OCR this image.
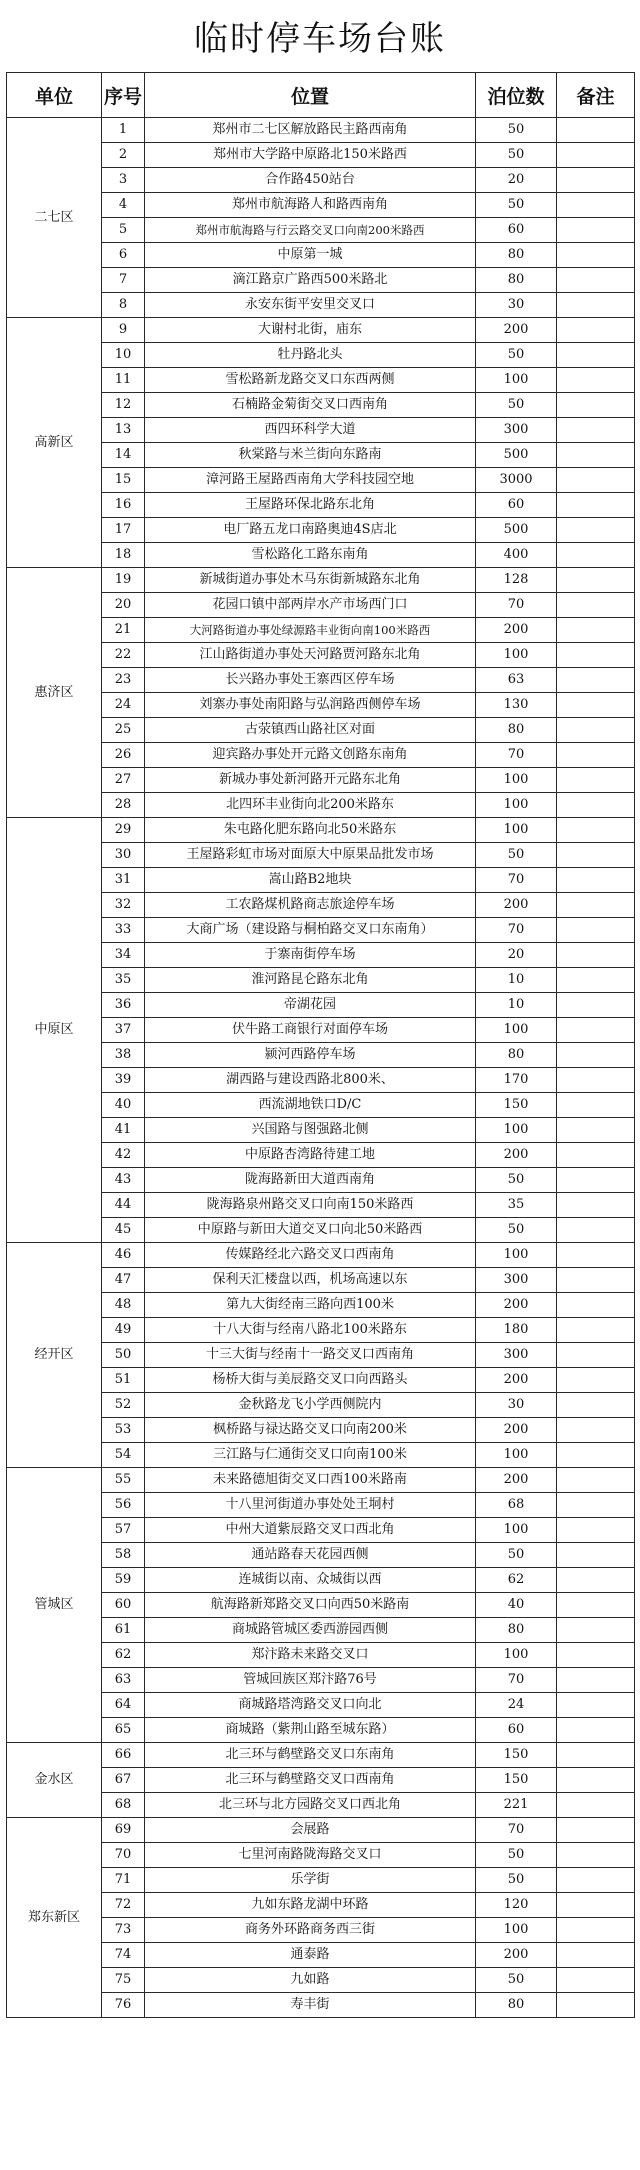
临时停车场台账
单位	序号	位置	泊位数	备注
二七区	1	郑州市二七区解放路民主路西南角	50	
	2	郑州市大学路中原路北150米路西	50	
	3	合作路450站台	20	
	4	郑州市航海路人和路西南角	50	
	5	郑州市航海路与行云路交叉口向南200米路西	60	
	6	中原第一城	80	
	7	滴江路京广路西500米路北	80	
	8	永安东街平安里交叉口	30	
高新区	9	大谢村北街，庙东	200	
	10	牡丹路北头	50	
	11	雪松路新龙路交叉口东西两侧	100	
	12	石楠路金菊街交叉口西南角	50	
	13	西四环科学大道	300	
	14	秋棠路与米兰街向东路南	500	
	15	漳河路王屋路西南角大学科技园空地	3000	
	16	王屋路环保北路东北角	60	
	17	电厂路五龙口南路奥迪4S店北	500	
	18	雪松路化工路东南角	400	
惠济区	19	新城街道办事处木马东街新城路东北角	128	
	20	花园口镇中部两岸水产市场西门口	70	
	21	大河路街道办事处绿源路丰业街向南100米路西	200	
	22	江山路街道办事处天河路贾河路东北角	100	
	23	长兴路办事处王寨西区停车场	63	
	24	刘寨办事处南阳路与弘润路西侧停车场	130	
	25	古荥镇西山路社区对面	80	
	26	迎宾路办事处开元路文创路东南角	70	
	27	新城办事处新河路开元路东北角	100	
	28	北四环丰业街向北200米路东	100	
中原区	29	朱屯路化肥东路向北50米路东	100	
	30	王屋路彩虹市场对面原大中原果品批发市场	50	
	31	嵩山路B2地块	70	
	32	工农路煤机路商志旅途停车场	200	
	33	大商广场（建设路与桐柏路交叉口东南角）	70	
	34	于寨南街停车场	20	
	35	淮河路昆仑路东北角	10	
	36	帝湖花园	10	
	37	伏牛路工商银行对面停车场	100	
	38	颍河西路停车场	80	
	39	湖西路与建设西路北800米、	170	
	40	西流湖地铁口D/C	150	
	41	兴国路与图强路北侧	100	
	42	中原路杏湾路待建工地	200	
	43	陇海路新田大道西南角	50	
	44	陇海路泉州路交叉口向南150米路西	35	
	45	中原路与新田大道交叉口向北50米路西	50	
经开区	46	传媒路经北六路交叉口西南角	100	
	47	保利天汇楼盘以西，机场高速以东	300	
	48	第九大街经南三路向西100米	200	
	49	十八大街与经南八路北100米路东	180	
	50	十三大街与经南十一路交叉口西南角	300	
	51	杨桥大街与美辰路交叉口向西路头	200	
	52	金秋路龙飞小学西侧院内	30	
	53	枫桥路与禄达路交叉口向南200米	200	
	54	三江路与仁通街交叉口向南100米	100	
管城区	55	未来路德旭街交叉口西100米路南	200	
	56	十八里河街道办事处处王垌村	68	
	57	中州大道紫辰路交叉口西北角	100	
	58	通站路春天花园西侧	50	
	59	连城街以南、众城街以西	62	
	60	航海路新郑路交叉口向西50米路南	40	
	61	商城路管城区委西游园西侧	80	
	62	郑汴路未来路交叉口	100	
	63	管城回族区郑汴路76号	70	
	64	商城路塔湾路交叉口向北	24	
	65	商城路（紫荆山路至城东路）	60	
金水区	66	北三环与鹤壁路交叉口东南角	150	
	67	北三环与鹤壁路交叉口西南角	150	
	68	北三环与北方园路交叉口西北角	221	
郑东新区	69	会展路	70	
	70	七里河南路陇海路交叉口	50	
	71	乐学街	50	
	72	九如东路龙湖中环路	120	
	73	商务外环路商务西三街	100	
	74	通泰路	200	
	75	九如路	50	
	76	寿丰街	80	
